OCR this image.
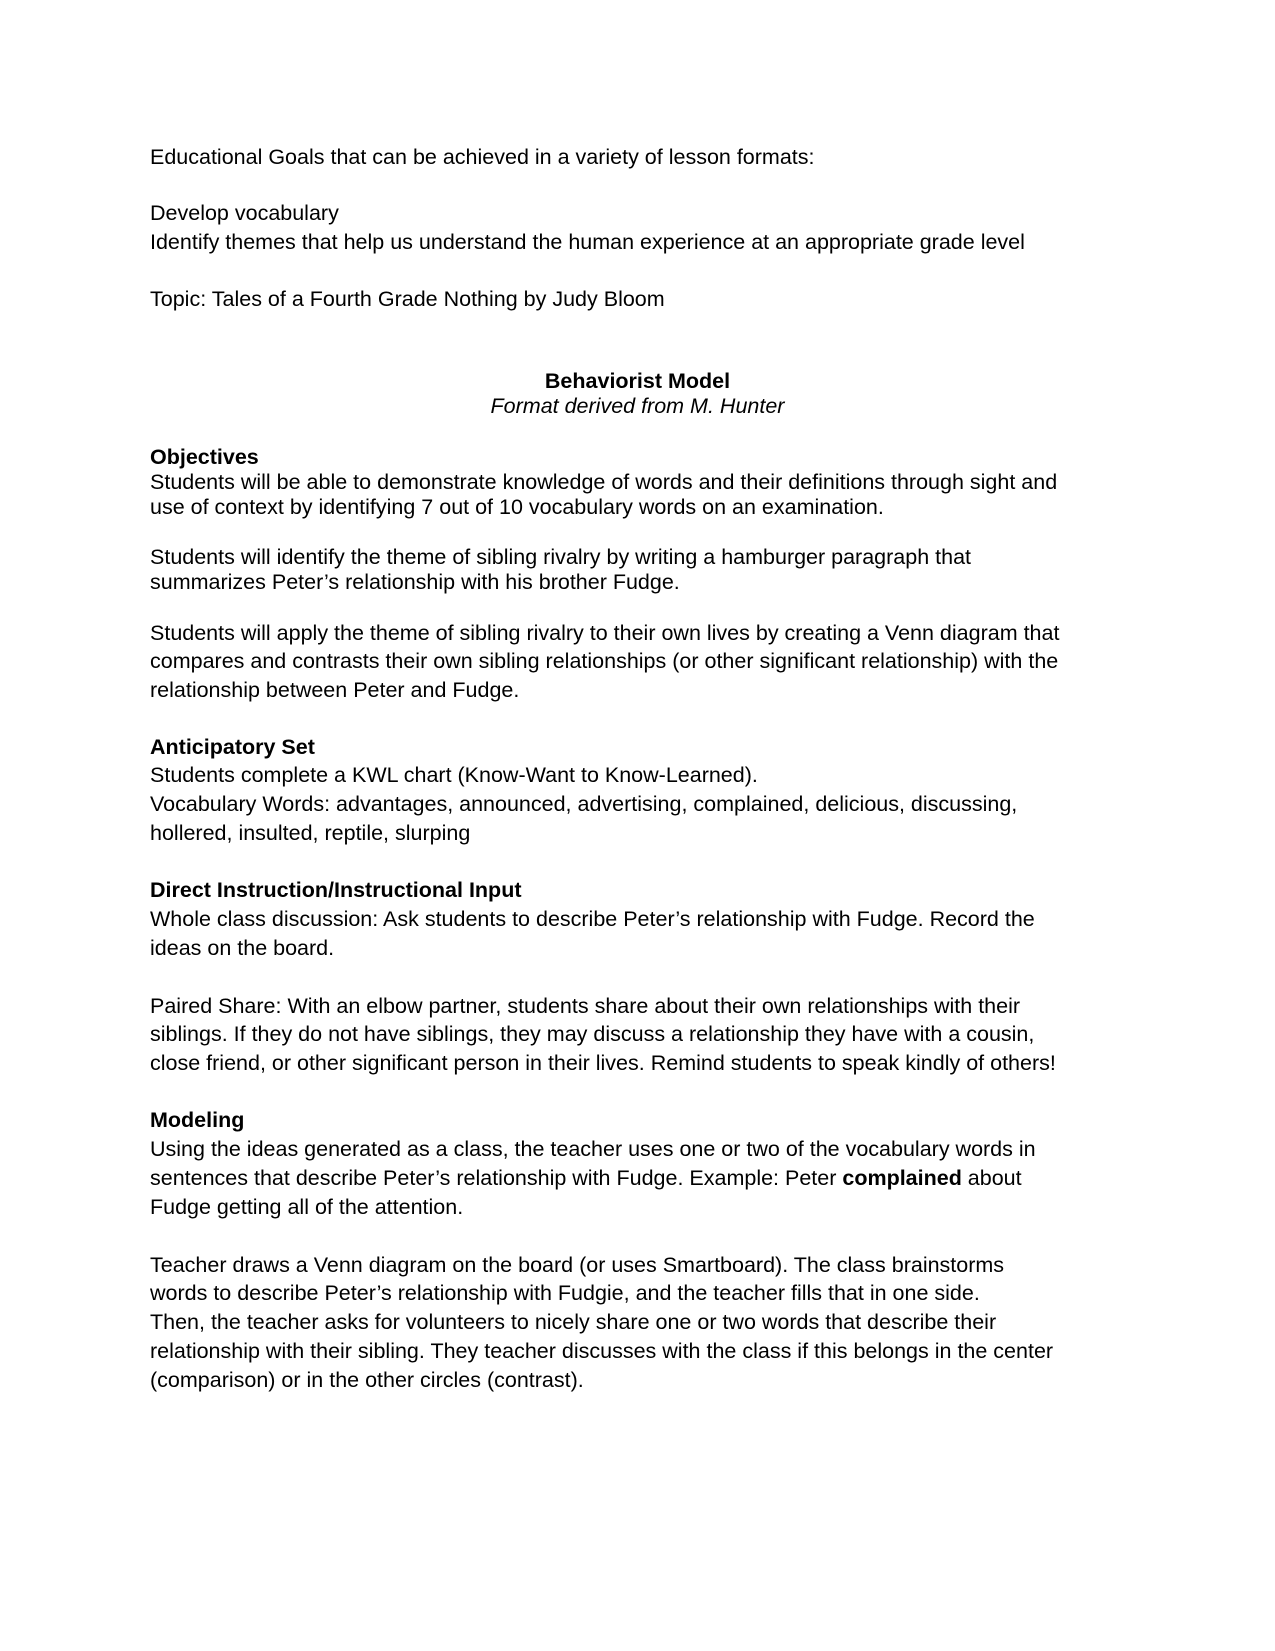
Educational Goals that can be achieved in a variety of lesson formats:
Develop vocabulary
Identify themes that help us understand the human experience at an appropriate grade level
Topic: Tales of a Fourth Grade Nothing by Judy Bloom
Behaviorist Model
Format derived from M. Hunter
Objectives
Students will be able to demonstrate knowledge of words and their definitions through sight and
use of context by identifying 7 out of 10 vocabulary words on an examination.
Students will identify the theme of sibling rivalry by writing a hamburger paragraph that
summarizes Peter’s relationship with his brother Fudge.
Students will apply the theme of sibling rivalry to their own lives by creating a Venn diagram that
compares and contrasts their own sibling relationships (or other significant relationship) with the
relationship between Peter and Fudge.
Anticipatory Set
Students complete a KWL chart (Know-Want to Know-Learned).
Vocabulary Words: advantages, announced, advertising, complained, delicious, discussing,
hollered, insulted, reptile, slurping
Direct Instruction/Instructional Input
Whole class discussion: Ask students to describe Peter’s relationship with Fudge. Record the
ideas on the board.
Paired Share: With an elbow partner, students share about their own relationships with their
siblings. If they do not have siblings, they may discuss a relationship they have with a cousin,
close friend, or other significant person in their lives. Remind students to speak kindly of others!
Modeling
Using the ideas generated as a class, the teacher uses one or two of the vocabulary words in
sentences that describe Peter’s relationship with Fudge. Example: Peter complained about
Fudge getting all of the attention.
Teacher draws a Venn diagram on the board (or uses Smartboard). The class brainstorms
words to describe Peter’s relationship with Fudgie, and the teacher fills that in one side.
Then, the teacher asks for volunteers to nicely share one or two words that describe their
relationship with their sibling. They teacher discusses with the class if this belongs in the center
(comparison) or in the other circles (contrast).
